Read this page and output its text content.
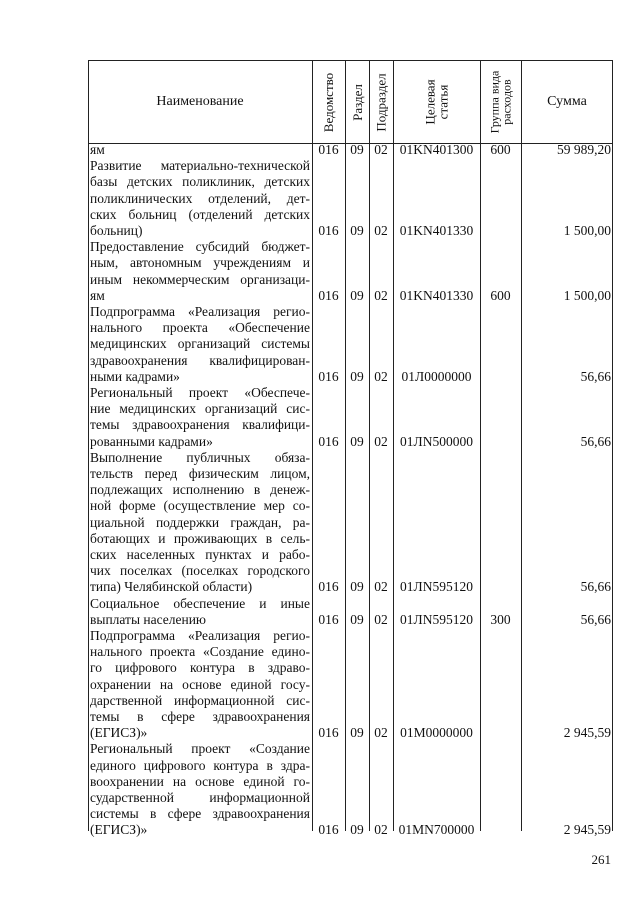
Наименование	Ведомство Раздел Подраздел	Целевая
статья	Группа вида
расходов	Сумма
ям	016 09 02 01KN401300	600	59 989,20
Развитие материально-технической
базы детских поликлиник, детских
поликлинических отделений, дет-
ских больниц (отделений детских
больниц)	016 09 02 01KN401330	1 500,00
Предоставление субсидий бюджет-
ным, автономным учреждениям и
иным некоммерческим организаци-
ям	016 09 02 01KN401330	600	1 500,00
Подпрограмма «Реализация регио-
нального проекта «Обеспечение
медицинских организаций системы
здравоохранения квалифицирован-
ными кадрами»	016 09 02	01Л0000000	56,66
Региональный проект «Обеспече-
ние медицинских организаций сис-
темы здравоохранения квалифици-
рованными кадрами»	016 09 02 01ЛN500000	56,66
Выполнение публичных обяза-
тельств перед физическим лицом,
подлежащих исполнению в денеж-
ной форме (осуществление мер со-
циальной поддержки граждан, ра-
ботающих и проживающих в сель-
ских населенных пунктах и рабо-
чих поселках (поселках городского
типа) Челябинской области)	016 09 02 01ЛN595120	56,66
Социальное обеспечение и иные
выплаты населению	016 09 02 01ЛN595120	300	56,66
Подпрограмма «Реализация регио-
нального проекта «Создание едино-
го цифрового контура в здраво-
охранении на основе единой госу-
дарственной информационной сис-
темы в сфере здравоохранения
(ЕГИСЗ)»	016 09 02 01M0000000	2 945,59
Региональный проект «Создание
единого цифрового контура в здра-
воохранении на основе единой го-
сударственной информационной
системы в сфере здравоохранения
(ЕГИСЗ)»	016 09 02 01MN700000	2 945,59
261
